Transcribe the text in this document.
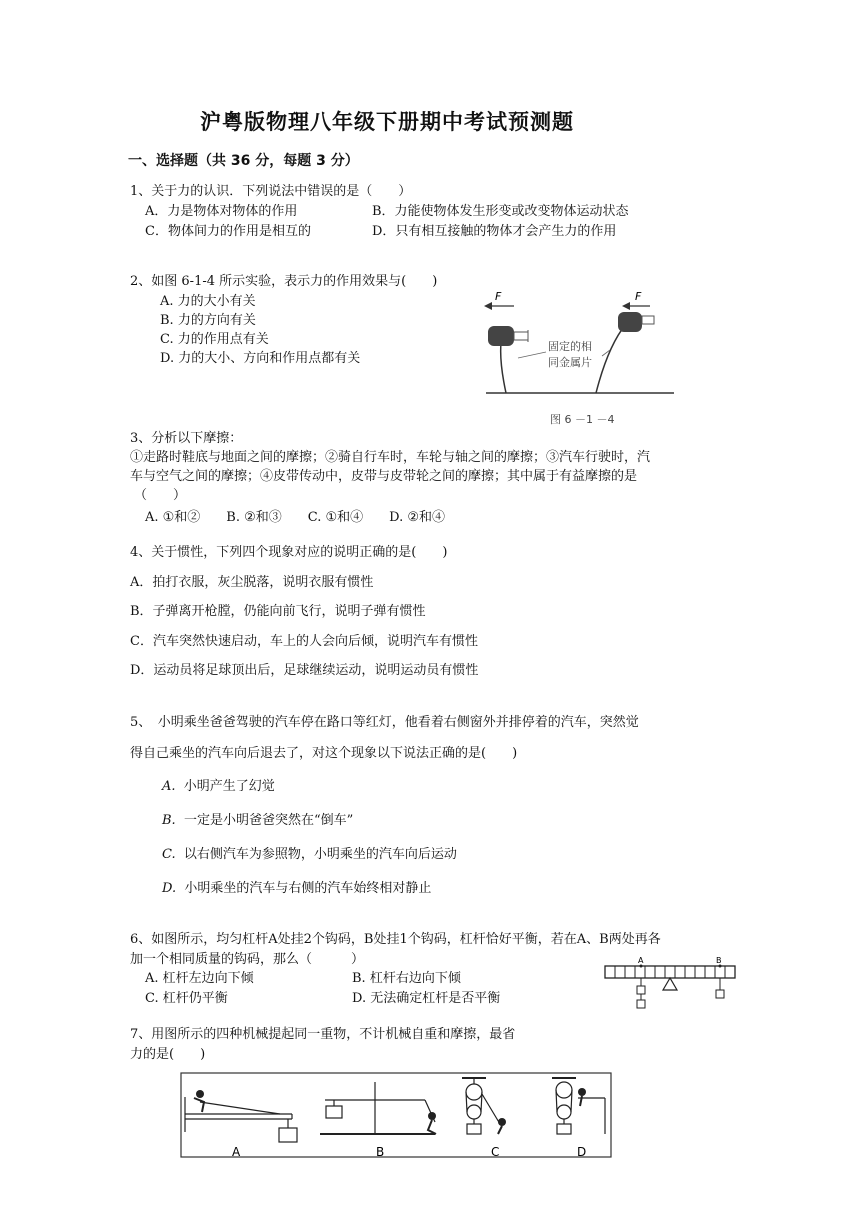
沪粤版物理八年级下册期中考试预测题
一、选择题（共 36 分，每题 3 分）
1、关于力的认识．下列说法中错误的是（　　）
A．力是物体对物体的作用	B．力能使物体发生形变或改变物体运动状态
C．物体间力的作用是相互的	D．只有相互接触的物体才会产生力的作用
2、如图 6-1-4 所示实验，表示力的作用效果与(　　)
A. 力的大小有关
B. 力的方向有关
C. 力的作用点有关
D. 力的大小、方向和作用点都有关
F	F
固定的相
同金属片
图 6 －1 －4
3、分析以下摩擦：
①走路时鞋底与地面之间的摩擦；②骑自行车时，车轮与轴之间的摩擦；③汽车行驶时，汽
车与空气之间的摩擦；④皮带传动中，皮带与皮带轮之间的摩擦；其中属于有益摩擦的是
（　　）
A. ①和②　　B. ②和③　　C. ①和④　　D. ②和④
4、关于惯性，下列四个现象对应的说明正确的是(　　)
A．拍打衣服，灰尘脱落，说明衣服有惯性
B．子弹离开枪膛，仍能向前飞行，说明子弹有惯性
C．汽车突然快速启动，车上的人会向后倾，说明汽车有惯性
D．运动员将足球顶出后，足球继续运动，说明运动员有惯性
5、　小明乘坐爸爸驾驶的汽车停在路口等红灯，他看着右侧窗外并排停着的汽车，突然觉
得自己乘坐的汽车向后退去了，对这个现象以下说法正确的是(　　)
A. 小明产生了幻觉
B. 一定是小明爸爸突然在“倒车”
C. 以右侧汽车为参照物，小明乘坐的汽车向后运动
D. 小明乘坐的汽车与右侧的汽车始终相对静止
6、如图所示，均匀杠杆A处挂2个钩码，B处挂1个钩码，杠杆恰好平衡，若在A、B两处再各
加一个相同质量的钩码，那么（　　　）
A. 杠杆左边向下倾	B. 杠杆右边向下倾
C. 杠杆仍平衡	D. 无法确定杠杆是否平衡
A	B
7、用图所示的四种机械提起同一重物，不计机械自重和摩擦，最省
力的是(　　)
A	B	C	D
